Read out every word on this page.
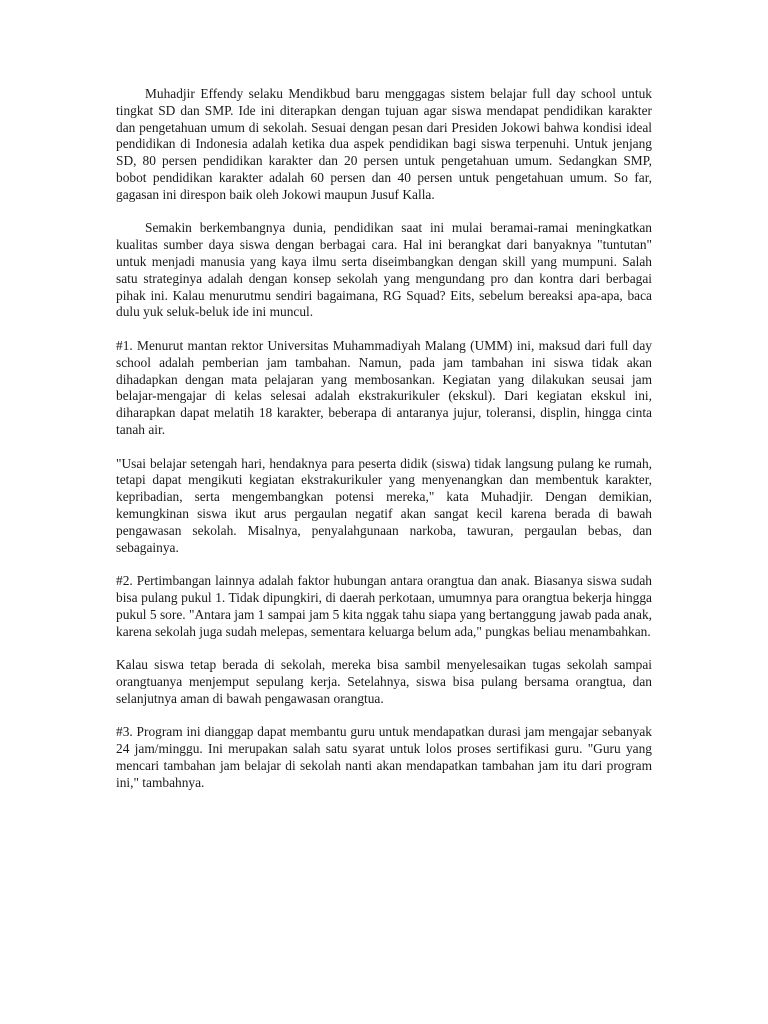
Muhadjir Effendy selaku Mendikbud baru menggagas sistem belajar full day school untuk tingkat SD dan SMP. Ide ini diterapkan dengan tujuan agar siswa mendapat pendidikan karakter dan pengetahuan umum di sekolah. Sesuai dengan pesan dari Presiden Jokowi bahwa kondisi ideal pendidikan di Indonesia adalah ketika dua aspek pendidikan bagi siswa terpenuhi. Untuk jenjang SD, 80 persen pendidikan karakter dan 20 persen untuk pengetahuan umum. Sedangkan SMP, bobot pendidikan karakter adalah 60 persen dan 40 persen untuk pengetahuan umum. So far, gagasan ini direspon baik oleh Jokowi maupun Jusuf Kalla.

Semakin berkembangnya dunia, pendidikan saat ini mulai beramai-ramai meningkatkan kualitas sumber daya siswa dengan berbagai cara. Hal ini berangkat dari banyaknya "tuntutan" untuk menjadi manusia yang kaya ilmu serta diseimbangkan dengan skill yang mumpuni. Salah satu strateginya adalah dengan konsep sekolah yang mengundang pro dan kontra dari berbagai pihak ini. Kalau menurutmu sendiri bagaimana, RG Squad? Eits, sebelum bereaksi apa-apa, baca dulu yuk seluk-beluk ide ini muncul.

#1. Menurut mantan rektor Universitas Muhammadiyah Malang (UMM) ini, maksud dari full day school adalah pemberian jam tambahan. Namun, pada jam tambahan ini siswa tidak akan dihadapkan dengan mata pelajaran yang membosankan. Kegiatan yang dilakukan seusai jam belajar-mengajar di kelas selesai adalah ekstrakurikuler (ekskul). Dari kegiatan ekskul ini, diharapkan dapat melatih 18 karakter, beberapa di antaranya jujur, toleransi, displin, hingga cinta tanah air.

"Usai belajar setengah hari, hendaknya para peserta didik (siswa) tidak langsung pulang ke rumah, tetapi dapat mengikuti kegiatan ekstrakurikuler yang menyenangkan dan membentuk karakter, kepribadian, serta mengembangkan potensi mereka," kata Muhadjir. Dengan demikian, kemungkinan siswa ikut arus pergaulan negatif akan sangat kecil karena berada di bawah pengawasan sekolah. Misalnya, penyalahgunaan narkoba, tawuran, pergaulan bebas, dan sebagainya.

#2. Pertimbangan lainnya adalah faktor hubungan antara orangtua dan anak. Biasanya siswa sudah bisa pulang pukul 1. Tidak dipungkiri, di daerah perkotaan, umumnya para orangtua bekerja hingga pukul 5 sore. "Antara jam 1 sampai jam 5 kita nggak tahu siapa yang bertanggung jawab pada anak, karena sekolah juga sudah melepas, sementara keluarga belum ada," pungkas beliau menambahkan.

Kalau siswa tetap berada di sekolah, mereka bisa sambil menyelesaikan tugas sekolah sampai orangtuanya menjemput sepulang kerja. Setelahnya, siswa bisa pulang bersama orangtua, dan selanjutnya aman di bawah pengawasan orangtua.

#3. Program ini dianggap dapat membantu guru untuk mendapatkan durasi jam mengajar sebanyak 24 jam/minggu. Ini merupakan salah satu syarat untuk lolos proses sertifikasi guru. "Guru yang mencari tambahan jam belajar di sekolah nanti akan mendapatkan tambahan jam itu dari program ini," tambahnya.
